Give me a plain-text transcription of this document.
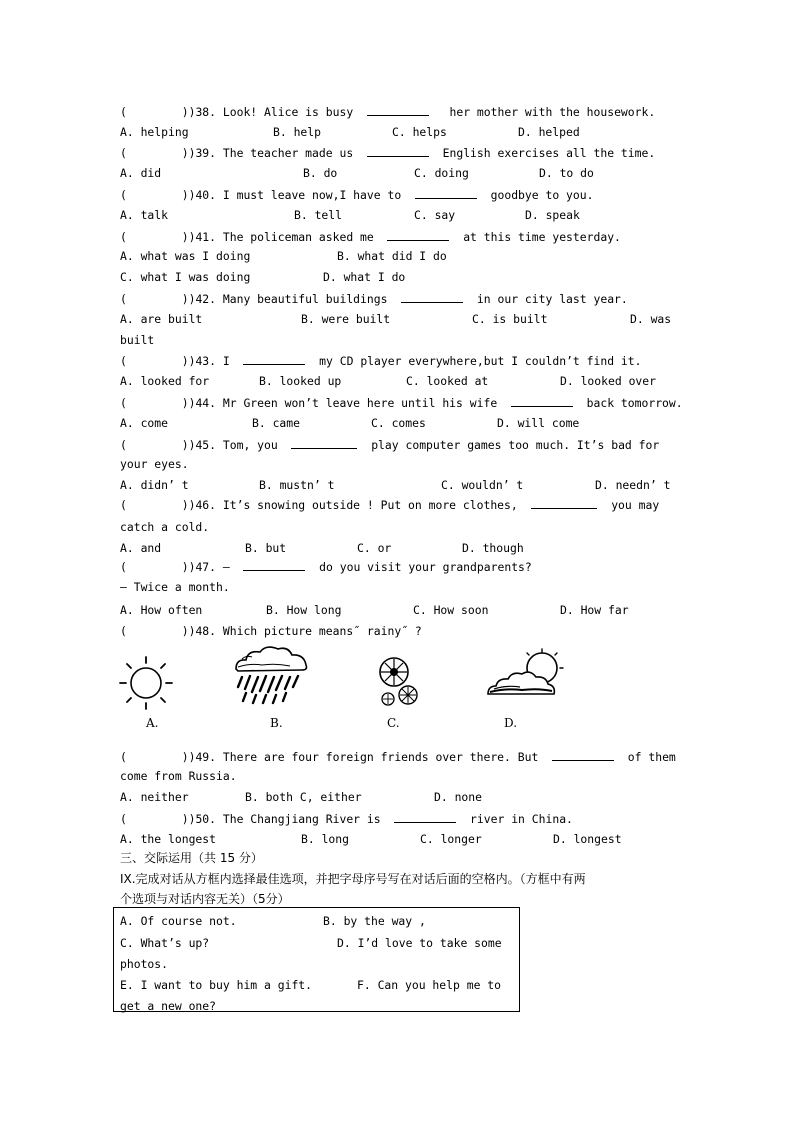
(        ))38. Look! Alice is busy	her mother with the housework.
A. helping	B. help	C. helps	D. helped
(        ))39. The teacher made us	English exercises all the time.
A. did	B. do	C. doing	D. to do
(        ))40. I must leave now,I have to	goodbye to you.
A. talk	B. tell	C. say	D. speak
(        ))41. The policeman asked me	at this time yesterday.
A. what was I doing	B. what did I do
C. what I was doing	D. what I do
(        ))42. Many beautiful buildings	in our city last year.
A. are built	B. were built	C. is built	D. was
built
(        ))43. I	my CD player everywhere,but I couldn’t find it.
A. looked for	B. looked up	C. looked at	D. looked over
(        ))44. Mr Green won’t leave here until his wife	back tomorrow.
A. come	B. came	C. comes	D. will come
(        ))45. Tom, you	play computer games too much. It’s bad for
your eyes.
A. didn’ t	B. mustn’ t	C. wouldn’ t	D. needn’ t
(        ))46. It’s snowing outside ! Put on more clothes,	you may
catch a cold.
A. and	B. but	C. or	D. though
(        ))47. —	do you visit your grandparents?
— Twice a month.
A. How often	B. How long	C. How soon	D. How far
(        ))48. Which picture means˝ rainy˝ ?
A.	B.	C.	D.
(        ))49. There are four foreign friends over there. But	of them
come from Russia.
A. neither	B. both C, either	D. none
(        ))50. The Changjiang River is	river in China.
A. the longest	B. long	C. longer	D. longest
三、交际运用（共 15 分）
IX.完成对话从方框内选择最佳选项，并把字母序号写在对话后面的空格内。（方框中有两
个选项与对话内容无关）（5分）
A. Of course not.	B. by the way ,
C. What’s up?	D. I’d love to take some
photos.
E. I want to buy him a gift.	F. Can you help me to
get a new one?
